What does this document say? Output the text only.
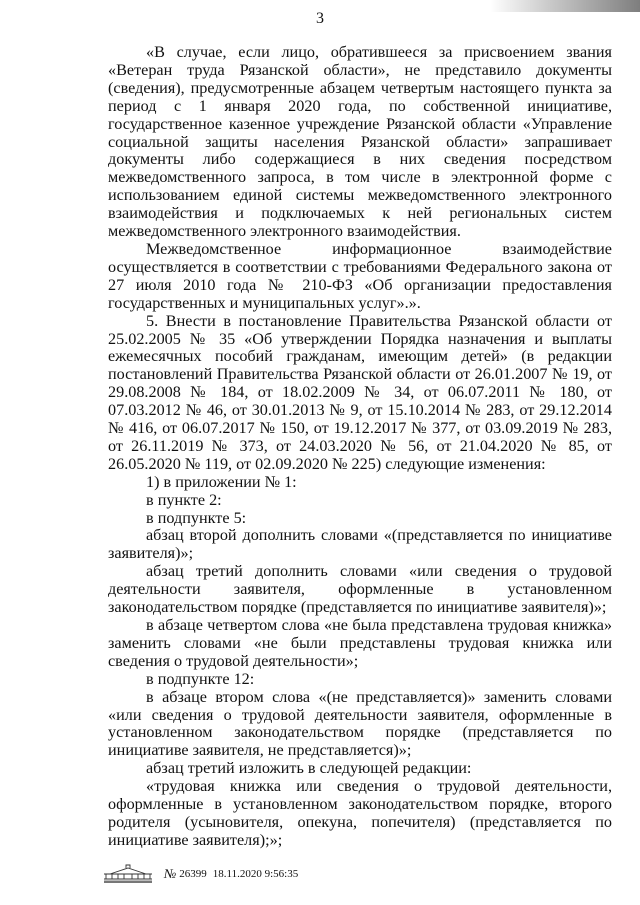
3

«В случае, если лицо, обратившееся за присвоением звания «Ветеран труда Рязанской области», не представило документы (сведения), предусмотренные абзацем четвертым настоящего пункта за период с 1 января 2020 года, по собственной инициативе, государственное казенное учреждение Рязанской области «Управление социальной защиты населения Рязанской области» запрашивает документы либо содержащиеся в них сведения посредством межведомственного запроса, в том числе в электронной форме с использованием единой системы межведомственного электронного взаимодействия и подключаемых к ней региональных систем межведомственного электронного взаимодействия.

Межведомственное информационное взаимодействие осуществляется в соответствии с требованиями Федерального закона от 27 июля 2010 года № 210-ФЗ «Об организации предоставления государственных и муниципальных услуг».».

5. Внести в постановление Правительства Рязанской области от 25.02.2005 № 35 «Об утверждении Порядка назначения и выплаты ежемесячных пособий гражданам, имеющим детей» (в редакции постановлений Правительства Рязанской области от 26.01.2007 № 19, от 29.08.2008 № 184, от 18.02.2009 № 34, от 06.07.2011 № 180, от 07.03.2012 № 46, от 30.01.2013 № 9, от 15.10.2014 № 283, от 29.12.2014 № 416, от 06.07.2017 № 150, от 19.12.2017 № 377, от 03.09.2019 № 283, от 26.11.2019 № 373, от 24.03.2020 № 56, от 21.04.2020 № 85, от 26.05.2020 № 119, от 02.09.2020 № 225) следующие изменения:

1) в приложении № 1:

в пункте 2:

в подпункте 5:

абзац второй дополнить словами «(представляется по инициативе заявителя)»;

абзац третий дополнить словами «или сведения о трудовой деятельности заявителя, оформленные в установленном законодательством порядке (представляется по инициативе заявителя)»;

в абзаце четвертом слова «не была представлена трудовая книжка» заменить словами «не были представлены трудовая книжка или сведения о трудовой деятельности»;

в подпункте 12:

в абзаце втором слова «(не представляется)» заменить словами «или сведения о трудовой деятельности заявителя, оформленные в установленном законодательством порядке (представляется по инициативе заявителя, не представляется)»;

абзац третий изложить в следующей редакции:

«трудовая книжка или сведения о трудовой деятельности, оформленные в установленном законодательством порядке, второго родителя (усыновителя, опекуна, попечителя) (представляется по инициативе заявителя);»;

№ 26399 18.11.2020 9:56:35
